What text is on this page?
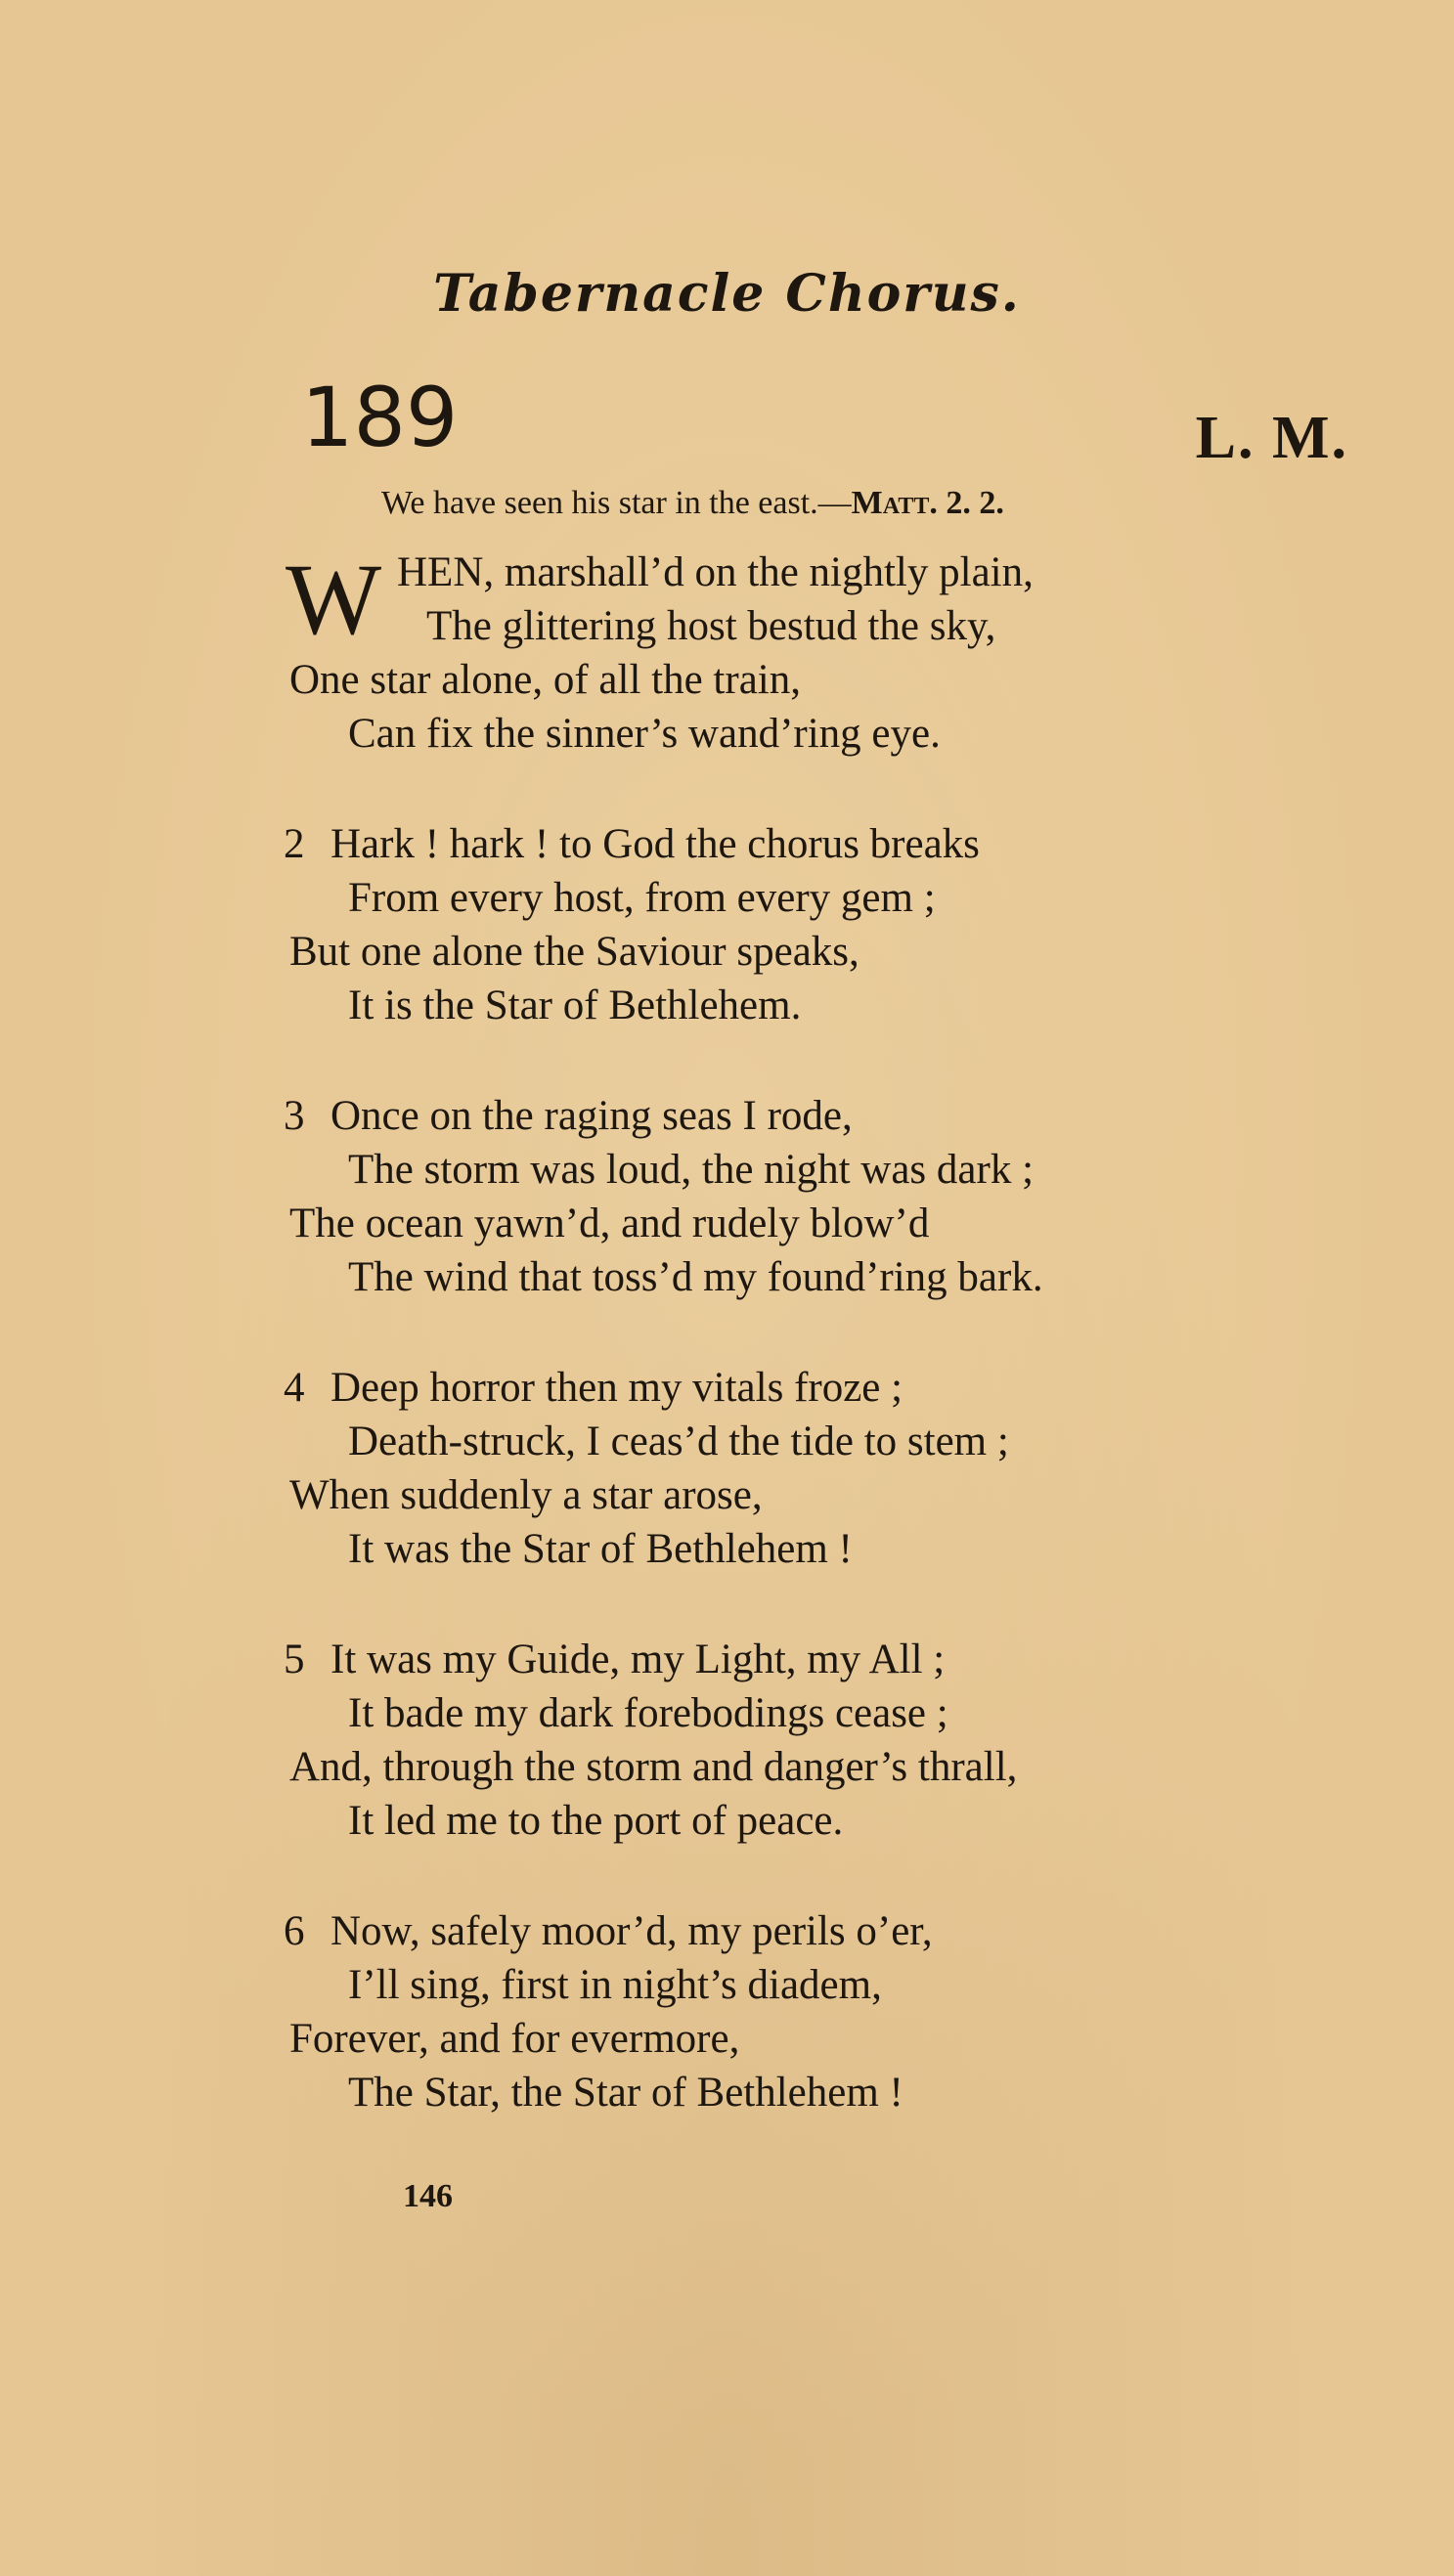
Tabernacle Chorus.
189	L. M.
We have seen his star in the east.—Matt. 2. 2.
W HEN, marshall’d on the nightly plain,
The glittering host bestud the sky,
One star alone, of all the train,
Can fix the sinner’s wand’ring eye.
2 Hark ! hark ! to God the chorus breaks
From every host, from every gem ;
But one alone the Saviour speaks,
It is the Star of Bethlehem.
3 Once on the raging seas I rode,
The storm was loud, the night was dark ;
The ocean yawn’d, and rudely blow’d
The wind that toss’d my found’ring bark.
4 Deep horror then my vitals froze ;
Death-struck, I ceas’d the tide to stem ;
When suddenly a star arose,
It was the Star of Bethlehem !
5 It was my Guide, my Light, my All ;
It bade my dark forebodings cease ;
And, through the storm and danger’s thrall,
It led me to the port of peace.
6 Now, safely moor’d, my perils o’er,
I’ll sing, first in night’s diadem,
Forever, and for evermore,
The Star, the Star of Bethlehem !
146
